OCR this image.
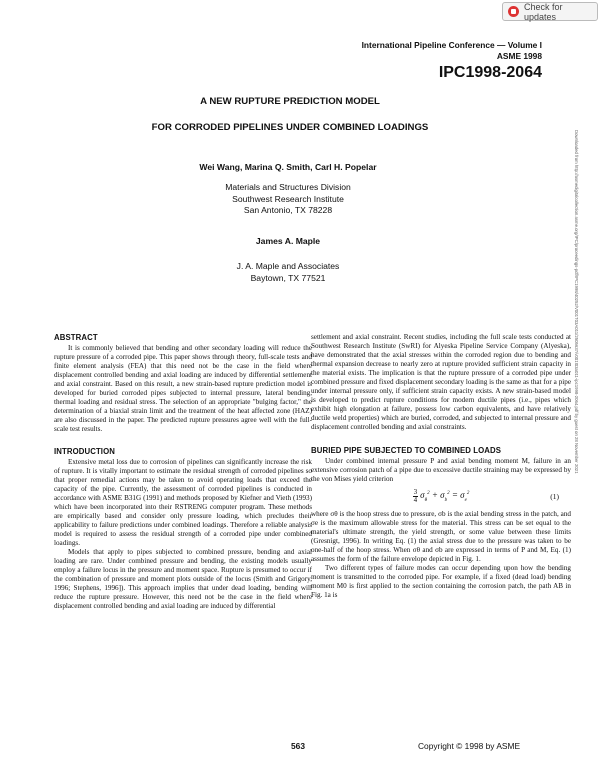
Check for updates
International Pipeline Conference — Volume I
ASME 1998
IPC1998-2064
A NEW RUPTURE PREDICTION MODEL
FOR CORRODED PIPELINES UNDER COMBINED LOADINGS
Wei Wang, Marina Q. Smith, Carl H. Popelar
Materials and Structures Division
Southwest Research Institute
San Antonio, TX 78228
James A. Maple
J. A. Maple and Associates
Baytown, TX 77521	Downloaded from http://asmedigitalcollection.asme.org/IPC/proceedings-pdf/IPC1998/40252/V001T03A011/2505637/v001t03a011-ipc1998-2064.pdf by guest on 28 November 2021
ABSTRACT

It is commonly believed that bending and other secondary loading will reduce the rupture pressure of a corroded pipe. This paper shows through theory, full-scale tests and finite element analysis (FEA) that this need not be the case in the field where displacement controlled bending and axial loading are induced by differential settlement and axial constraint. Based on this result, a new strain-based rupture prediction model is developed for buried corroded pipes subjected to internal pressure, lateral bending, thermal loading and residual stress. The selection of an appropriate "bulging factor," the determination of a biaxial strain limit and the treatment of the heat affected zone (HAZ) are also discussed in the paper. The predicted rupture pressures agree well with the full-scale test results.

INTRODUCTION

Extensive metal loss due to corrosion of pipelines can significantly increase the risk of rupture. It is vitally important to estimate the residual strength of corroded pipelines so that proper remedial actions may be taken to avoid operating loads that exceed the capacity of the pipe. Currently, the assessment of corroded pipelines is conducted in accordance with ASME B31G (1991) and methods proposed by Kiefner and Vieth (1993) which have been incorporated into their RSTRENG computer program. These methods are empirically based and consider only pressure loading, which precludes their applicability to failure predictions under combined loadings. Therefore a reliable analysis model is required to assess the residual strength of a corroded pipe under combined loadings.

Models that apply to pipes subjected to combined pressure, bending and axial loading are rare. Under combined pressure and bending, the existing models usually employ a failure locus in the pressure and moment space. Rupture is presumed to occur if the combination of pressure and moment plots outside of the locus (Smith and Grigory, 1996; Stephens, 1996]). This approach implies that under dead loading, bending will reduce the rupture pressure. However, this need not be the case in the field where displacement controlled bending and axial loading are induced by differential

settlement and axial constraint. Recent studies, including the full scale tests conducted at Southwest Research Institute (SwRI) for Alyeska Pipeline Service Company (Alyeska), have demonstrated that the axial stresses within the corroded region due to bending and thermal expansion decrease to nearly zero at rupture provided sufficient strain capacity in the material exists. The implication is that the rupture pressure of a corroded pipe under combined pressure and fixed displacement secondary loading is the same as that for a pipe under internal pressure only, if sufficient strain capacity exists. A new strain-based model is developed to predict rupture conditions for modern ductile pipes (i.e., pipes which exhibit high elongation at failure, possess low carbon equivalents, and have relatively ductile weld properties) which are buried, corroded, and subjected to internal pressure and displacement controlled bending and axial constraints.

BURIED PIPE SUBJECTED TO COMBINED LOADS

Under combined internal pressure P and axial bending moment M, failure in an extensive corrosion patch of a pipe due to excessive ductile straining may be expressed by the von Mises yield criterion

$\frac{3}{4} \sigma_\theta^2 + \sigma_b^2 = \sigma_e^2$	(1)

where σθ is the hoop stress due to pressure, σb is the axial bending stress in the patch, and σe is the maximum allowable stress for the material. This stress can be set equal to the material's ultimate strength, the yield strength, or some value between these limits (Gresnigt, 1996). In writing Eq. (1) the axial stress due to the pressure was taken to be one-half of the hoop stress. When σθ and σb are expressed in terms of P and M, Eq. (1) assumes the form of the failure envelope depicted in Fig. 1.

Two different types of failure modes can occur depending upon how the bending moment is transmitted to the corroded pipe. For example, if a fixed (dead load) bending moment M0 is first applied to the section containing the corrosion patch, the path AB in Fig. 1a is

563	Copyright © 1998 by ASME
